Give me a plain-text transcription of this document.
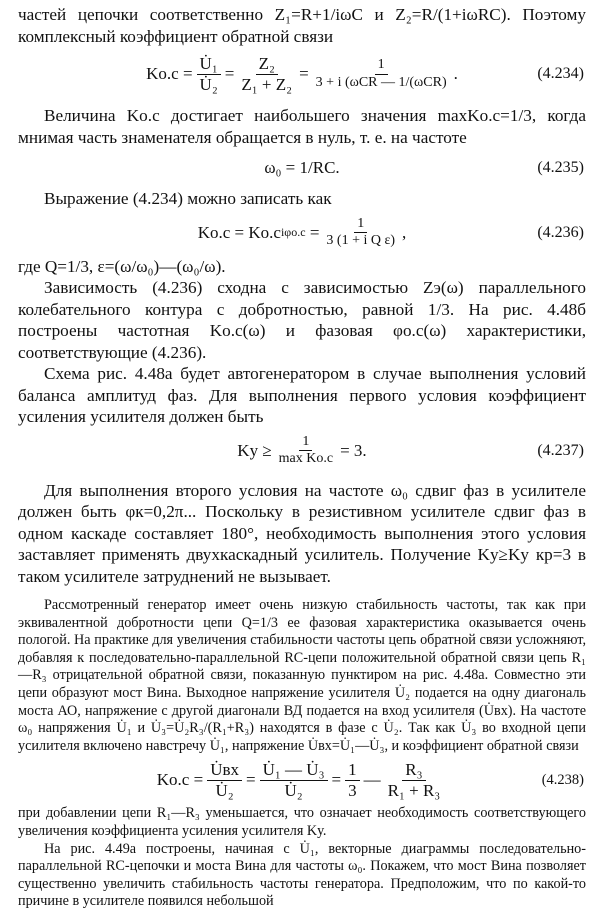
частей цепочки соответственно Z₁=R+1/iωC и Z₂=R/(1+iωRC). Поэтому комплексный коэффициент обратной связи

$Kо.с = \frac{\text{U̇₁}}{\text{U̇₂}} = \frac{\text{Z₂}}{\text{Z₁ + Z₂}}$ =	1
3 + i (ωCR — 1/(ωCR) .	(4.234)

Величина Kо.с достигает наибольшего значения maxKо.с=1/3, когда мнимая часть знаменателя обращается в нуль, т. е. на частоте

ω₀ = 1/RC.	(4.235)

Выражение (4.234) можно записать как

Kо.с = Kо.с $i\varphi о.с = \frac{1}{\text{3 (1 + i Q ε)}}$ ,	(4.236)

где Q=1/3, ε=(ω/ω₀)—(ω₀/ω).

Зависимость (4.236) сходна с зависимостью Zэ(ω) параллельного колебательного контура с добротностью, равной 1/3. На рис. 4.48б построены частотная Kо.с(ω) и фазовая φо.с(ω) характеристики, соответствующие (4.236).

Схема рис. 4.48а будет автогенератором в случае выполнения условий баланса амплитуд фаз. Для выполнения первого условия коэффициент усиления усилителя должен быть

Kу ≥ 1
max Kо.с = 3.	(4.237)

Для выполнения второго условия на частоте ω₀ сдвиг фаз в усилителе должен быть φк=0,2π... Поскольку в резистивном усилителе сдвиг фаз в одном каскаде составляет 180°, необходимость выполнения этого условия заставляет применять двухкаскадный усилитель. Получение Kу≥Kу кр=3 в таком усилителе затруднений не вызывает.

Рассмотренный генератор имеет очень низкую стабильность частоты, так как при эквивалентной добротности цепи Q=1/3 ее фазовая характеристика оказывается очень пологой. На практике для увеличения стабильности частоты цепь обратной связи усложняют, добавляя к последовательно-параллельной RC-цепи положительной обратной связи цепь R₁—R₃ отрицательной обратной связи, показанную пунктиром на рис. 4.48а. Совместно эти цепи образуют мост Вина. Выходное напряжение усилителя U̇₂ подается на одну диагональ моста АО, напряжение с другой диагонали ВД подается на вход усилителя (U̇вх). На частоте ω₀ напряжения U̇₁ и U̇₃=U̇₂R₃/(R₁+R₃) находятся в фазе с U̇₂. Так как U̇₃ во входной цепи усилителя включено навстречу U̇₁, напряжение U̇вх=U̇₁—U̇₃, и коэффициент обратной связи

Kо.с =
U̇вх
U̇₂
= $\frac{\text{U̇₁ — U̇₃}}{\text{U̇₂}} = \frac{1}{3}$ — $\frac{\text{R₃}}{\text{R₁ + R₃}}$	(4.238)

при добавлении цепи R₁—R₃ уменьшается, что означает необходимость соответствующего увеличения коэффициента усиления усилителя Kу.

На рис. 4.49а построены, начиная с U̇₁, векторные диаграммы последовательно-параллельной RC-цепочки и моста Вина для частоты ω₀. Покажем, что мост Вина позволяет существенно увеличить стабильность частоты генератора. Предположим, что по какой-то причине в усилителе появился небольшой
